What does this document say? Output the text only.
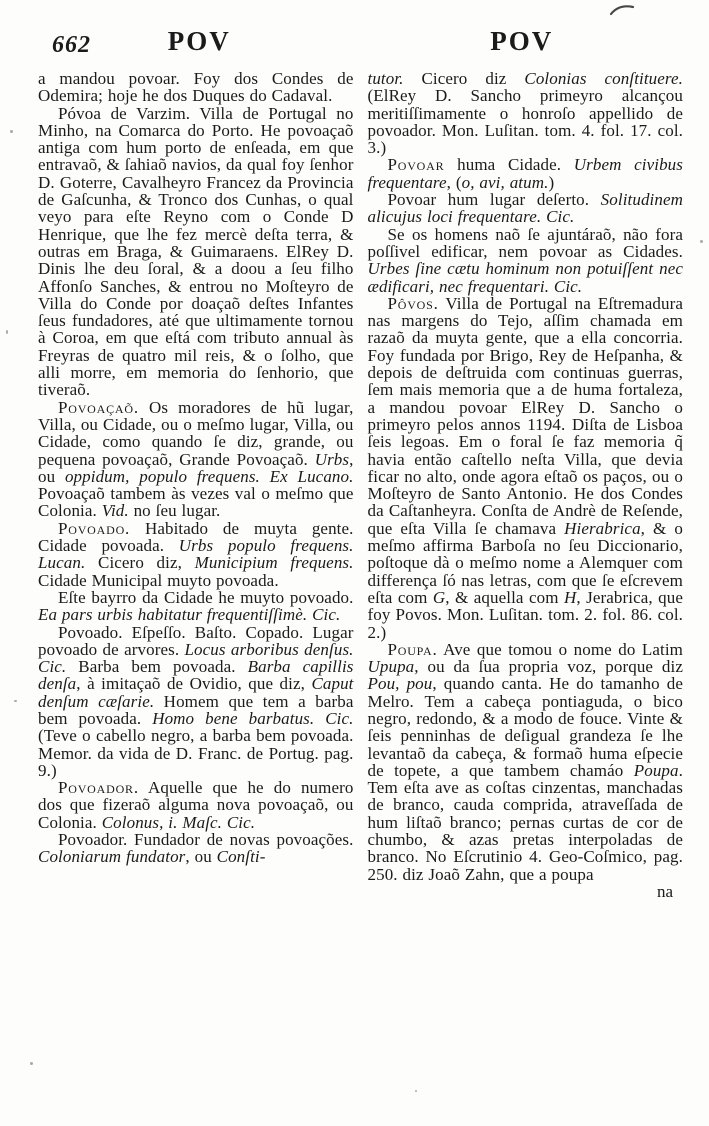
662	POV	POV
a mandou povoar. Foy dos Condes de Odemira; hoje he dos Duques do Cadaval.
Póvoa de Varzim. Villa de Portugal no Minho, na Comarca do Porto. He povoaçaõ antiga com hum porto de enſeada, em que entravaõ, & ſahiaõ navios, da qual foy ſenhor D. Goterre, Cavalheyro Francez da Provincia de Gaſcunha, & Tronco dos Cunhas, o qual veyo para eſte Reyno com o Conde D Henrique, que lhe fez mercè deſta terra, & outras em Braga, & Guimaraens. ElRey D. Dinis lhe deu ſoral, & a doou a ſeu filho Affonſo Sanches, & entrou no Moſteyro de Villa do Conde por doaçaõ deſtes Infantes ſeus fundadores, até que ultimamente tornou à Coroa, em que eſtá com tributo annual às Freyras de quatro mil reis, & o ſolho, que alli morre, em memoria do ſenhorio, que tiveraõ.
Povoaçaõ. Os moradores de hũ lugar, Villa, ou Cidade, ou o meſmo lugar, Villa, ou Cidade, como quando ſe diz, grande, ou pequena povoaçaõ, Grande Povoaçaõ. Urbs, ou oppidum, populo frequens. Ex Lucano. Povoaçaõ tambem às vezes val o meſmo que Colonia. Vid. no ſeu lugar.
Povoado. Habitado de muyta gente. Cidade povoada. Urbs populo frequens. Lucan. Cicero diz, Municipium frequens. Cidade Municipal muyto povoada.
Eſte bayrro da Cidade he muyto povoado. Ea pars urbis habitatur frequentiſſimè. Cic.
Povoado. Eſpeſſo. Baſto. Copado. Lugar povoado de arvores. Locus arboribus denſus. Cic. Barba bem povoada. Barba capillis denſa, à imitaçaõ de Ovidio, que diz, Caput denſum cæſarie. Homem que tem a barba bem povoada. Homo bene barbatus. Cic. (Teve o cabello negro, a barba bem povoada. Memor. da vida de D. Franc. de Portug. pag. 9.)
Povoador. Aquelle que he do numero dos que fizeraõ alguma nova povoaçaõ, ou Colonia. Colonus, i. Maſc. Cic.
Povoador. Fundador de novas povoações. Coloniarum fundator, ou Conſti-
tutor. Cicero diz Colonias conſtituere. (ElRey D. Sancho primeyro alcançou meritiſſimamente o honroſo appellido de povoador. Mon. Luſitan. tom. 4. fol. 17. col. 3.)
Povoar huma Cidade. Urbem civibus frequentare, (o, avi, atum.)
Povoar hum lugar deſerto. Solitudinem alicujus loci frequentare. Cic.
Se os homens naõ ſe ajuntáraõ, não fora poſſivel edificar, nem povoar as Cidades. Urbes ſine cætu hominum non potuiſſent nec ædificari, nec frequentari. Cic.
Pôvos. Villa de Portugal na Eſtremadura nas margens do Tejo, aſſim chamada em razaõ da muyta gente, que a ella concorria. Foy fundada por Brigo, Rey de Heſpanha, & depois de deſtruida com continuas guerras, ſem mais memoria que a de huma fortaleza, a mandou povoar ElRey D. Sancho o primeyro pelos annos 1194. Diſta de Lisboa ſeis legoas. Em o foral ſe faz memoria q̃ havia então caſtello neſta Villa, que devia ficar no alto, onde agora eſtaõ os paços, ou o Moſteyro de Santo Antonio. He dos Condes da Caſtanheyra. Conſta de Andrè de Reſende, que eſta Villa ſe chamava Hierabrica, & o meſmo affirma Barboſa no ſeu Diccionario, poſtoque dà o meſmo nome a Alemquer com differença ſó nas letras, com que ſe eſcrevem eſta com G, & aquella com H, Jerabrica, que foy Povos. Mon. Luſitan. tom. 2. fol. 86. col. 2.)
Poupa. Ave que tomou o nome do Latim Upupa, ou da ſua propria voz, porque diz Pou, pou, quando canta. He do tamanho de Melro. Tem a cabeça pontiaguda, o bico negro, redondo, & a modo de fouce. Vinte & ſeis penninhas de deſigual grandeza ſe lhe levantaõ da cabeça, & formaõ huma eſpecie de topete, a que tambem chamáo Poupa. Tem eſta ave as coſtas cinzentas, manchadas de branco, cauda comprida, atraveſſada de hum liſtaõ branco; pernas curtas de cor de chumbo, & azas pretas interpoladas de branco. No Eſcrutinio 4. Geo-Coſmico, pag. 250. diz Joaõ Zahn, que a poupa
na
